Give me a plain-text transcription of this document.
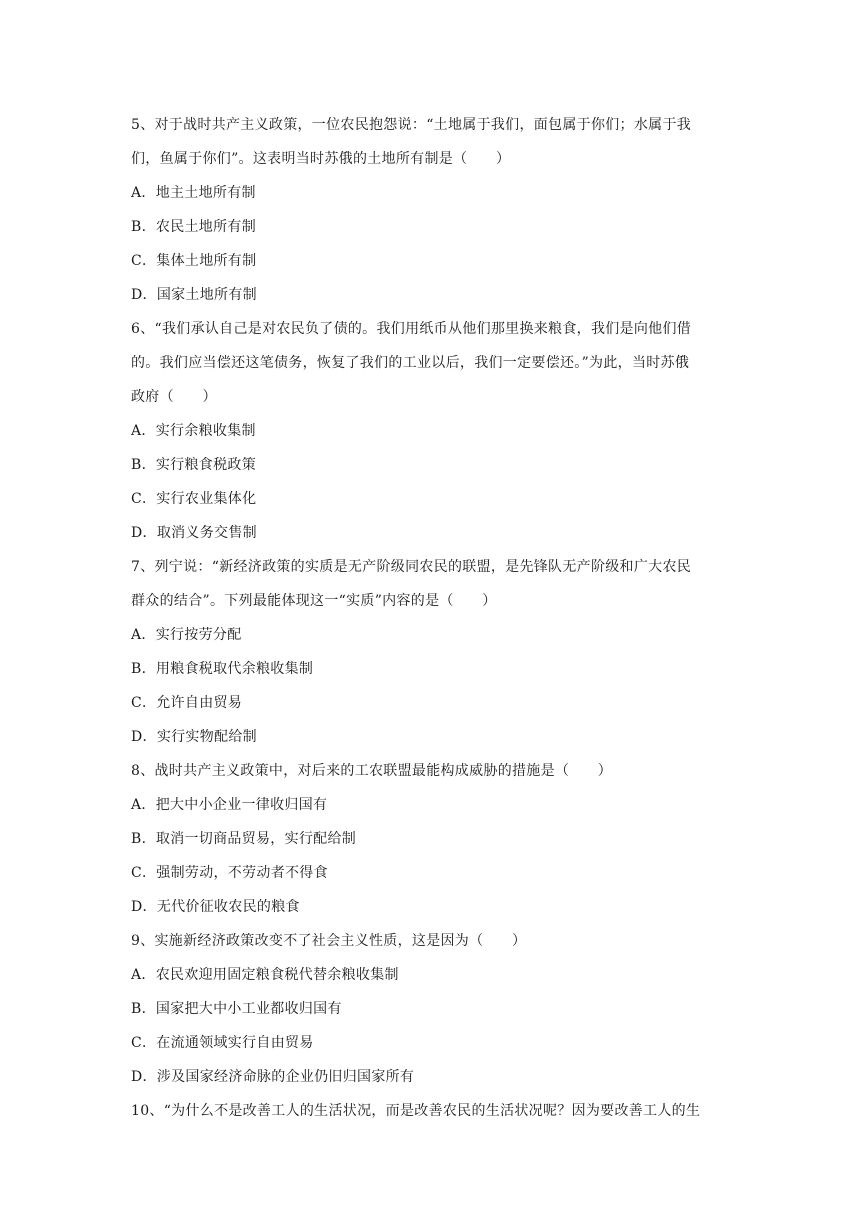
5、对于战时共产主义政策，一位农民抱怨说：“土地属于我们，面包属于你们；水属于我
们，鱼属于你们”。这表明当时苏俄的土地所有制是（　　）
A．地主土地所有制
B．农民土地所有制
C．集体土地所有制
D．国家土地所有制
6、“我们承认自己是对农民负了债的。我们用纸币从他们那里换来粮食，我们是向他们借
的。我们应当偿还这笔债务，恢复了我们的工业以后，我们一定要偿还。”为此，当时苏俄
政府（　　）
A．实行余粮收集制
B．实行粮食税政策
C．实行农业集体化
D．取消义务交售制
7、列宁说：“新经济政策的实质是无产阶级同农民的联盟，是先锋队无产阶级和广大农民
群众的结合”。下列最能体现这一“实质”内容的是（　　）
A．实行按劳分配
B．用粮食税取代余粮收集制
C．允许自由贸易
D．实行实物配给制
8、战时共产主义政策中，对后来的工农联盟最能构成威胁的措施是（　　）
A．把大中小企业一律收归国有
B．取消一切商品贸易，实行配给制
C．强制劳动，不劳动者不得食
D．无代价征收农民的粮食
9、实施新经济政策改变不了社会主义性质，这是因为（　　）
A．农民欢迎用固定粮食税代替余粮收集制
B．国家把大中小工业都收归国有
C．在流通领域实行自由贸易
D．涉及国家经济命脉的企业仍旧归国家所有
10、“为什么不是改善工人的生活状况，而是改善农民的生活状况呢？因为要改善工人的生
